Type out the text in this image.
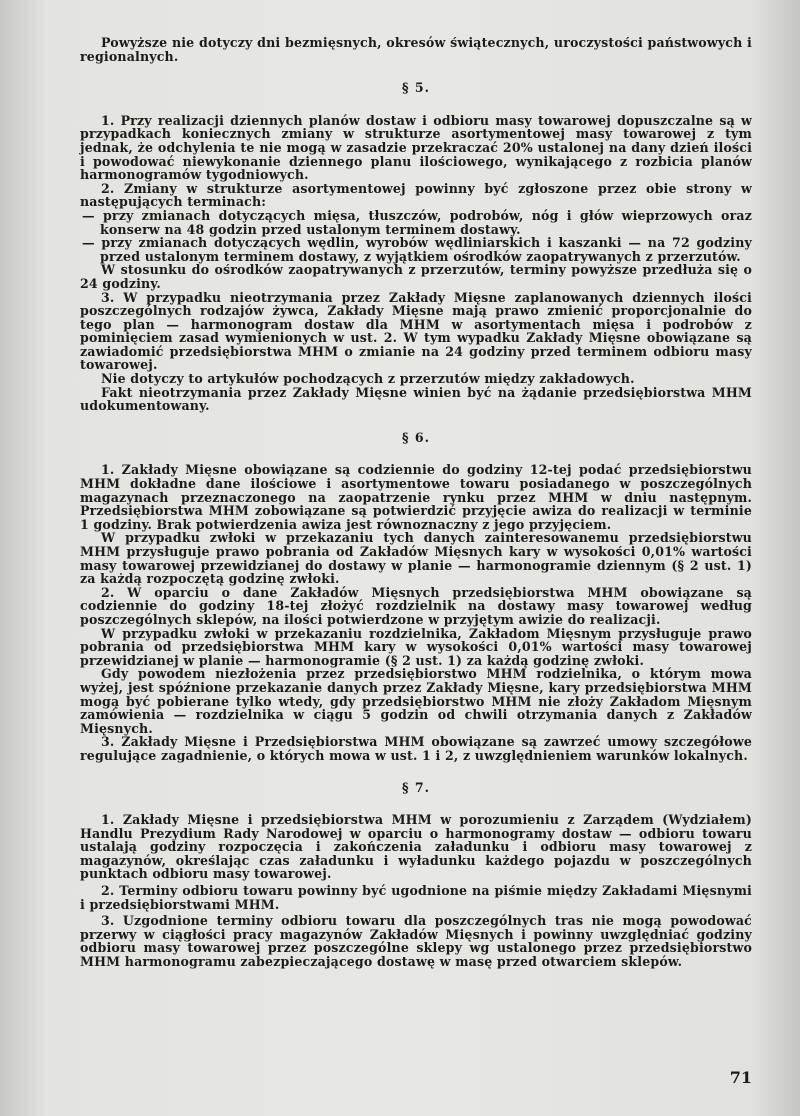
Powyższe nie dotyczy dni bezmięsnych, okresów świątecznych, uroczystości państwowych i regionalnych.

§ 5.

1. Przy realizacji dziennych planów dostaw i odbioru masy towarowej dopuszczalne są w przypadkach koniecznych zmiany w strukturze asortymentowej masy towarowej z tym jednak, że odchylenia te nie mogą w zasadzie przekraczać 20% ustalonej na dany dzień ilości i powodować niewykonanie dziennego planu ilościowego, wynikającego z rozbicia planów harmonogramów tygodniowych.

2. Zmiany w strukturze asortymentowej powinny być zgłoszone przez obie strony w następujących terminach:

— przy zmianach dotyczących mięsa, tłuszczów, podrobów, nóg i głów wieprzowych oraz konserw na 48 godzin przed ustalonym terminem dostawy.

— przy zmianach dotyczących wędlin, wyrobów wędliniarskich i kaszanki — na 72 godziny przed ustalonym terminem dostawy, z wyjątkiem ośrodków zaopatrywanych z przerzutów.

W stosunku do ośrodków zaopatrywanych z przerzutów, terminy powyższe przedłuża się o 24 godziny.

3. W przypadku nieotrzymania przez Zakłady Mięsne zaplanowanych dziennych ilości poszczególnych rodzajów żywca, Zakłady Mięsne mają prawo zmienić proporcjonalnie do tego plan — harmonogram dostaw dla MHM w asortymentach mięsa i podrobów z pominięciem zasad wymienionych w ust. 2. W tym wypadku Zakłady Mięsne obowiązane są zawiadomić przedsiębiorstwa MHM o zmianie na 24 godziny przed terminem odbioru masy towarowej.

Nie dotyczy to artykułów pochodzących z przerzutów między zakładowych.

Fakt nieotrzymania przez Zakłady Mięsne winien być na żądanie przedsiębiorstwa MHM udokumentowany.

§ 6.

1. Zakłady Mięsne obowiązane są codziennie do godziny 12-tej podać przedsiębiorstwu MHM dokładne dane ilościowe i asortymentowe towaru posiadanego w poszczególnych magazynach przeznaczonego na zaopatrzenie rynku przez MHM w dniu następnym. Przedsiębiorstwa MHM zobowiązane są potwierdzić przyjęcie awiza do realizacji w terminie 1 godziny. Brak potwierdzenia awiza jest równoznaczny z jego przyjęciem.

W przypadku zwłoki w przekazaniu tych danych zainteresowanemu przedsiębiorstwu MHM przysługuje prawo pobrania od Zakładów Mięsnych kary w wysokości 0,01% wartości masy towarowej przewidzianej do dostawy w planie — harmonogramie dziennym (§ 2 ust. 1) za każdą rozpoczętą godzinę zwłoki.

2. W oparciu o dane Zakładów Mięsnych przedsiębiorstwa MHM obowiązane są codziennie do godziny 18-tej złożyć rozdzielnik na dostawy masy towarowej według poszczególnych sklepów, na ilości potwierdzone w przyjętym awizie do realizacji.

W przypadku zwłoki w przekazaniu rozdzielnika, Zakładom Mięsnym przysługuje prawo pobrania od przedsiębiorstwa MHM kary w wysokości 0,01% wartości masy towarowej przewidzianej w planie — harmonogramie (§ 2 ust. 1) za każdą godzinę zwłoki.

Gdy powodem niezłożenia przez przedsiębiorstwo MHM rodzielnika, o którym mowa wyżej, jest spóźnione przekazanie danych przez Zakłady Mięsne, kary przedsiębiorstwa MHM mogą być pobierane tylko wtedy, gdy przedsiębiorstwo MHM nie złoży Zakładom Mięsnym zamówienia — rozdzielnika w ciągu 5 godzin od chwili otrzymania danych z Zakładów Mięsnych.

3. Zakłady Mięsne i Przedsiębiorstwa MHM obowiązane są zawrzeć umowy szczegółowe regulujące zagadnienie, o których mowa w ust. 1 i 2, z uwzględnieniem warunków lokalnych.

§ 7.

1. Zakłady Mięsne i przedsiębiorstwa MHM w porozumieniu z Zarządem (Wydziałem) Handlu Prezydium Rady Narodowej w oparciu o harmonogramy dostaw — odbioru towaru ustalają godziny rozpoczęcia i zakończenia załadunku i odbioru masy towarowej z magazynów, określając czas załadunku i wyładunku każdego pojazdu w poszczególnych punktach odbioru masy towarowej.

2. Terminy odbioru towaru powinny być ugodnione na piśmie między Zakładami Mięsnymi i przedsiębiorstwami MHM.

3. Uzgodnione terminy odbioru towaru dla poszczególnych tras nie mogą powodować przerwy w ciągłości pracy magazynów Zakładów Mięsnych i powinny uwzględniać godziny odbioru masy towarowej przez poszczególne sklepy wg ustalonego przez przedsiębiorstwo MHM harmonogramu zabezpieczającego dostawę w masę przed otwarciem sklepów.

71
